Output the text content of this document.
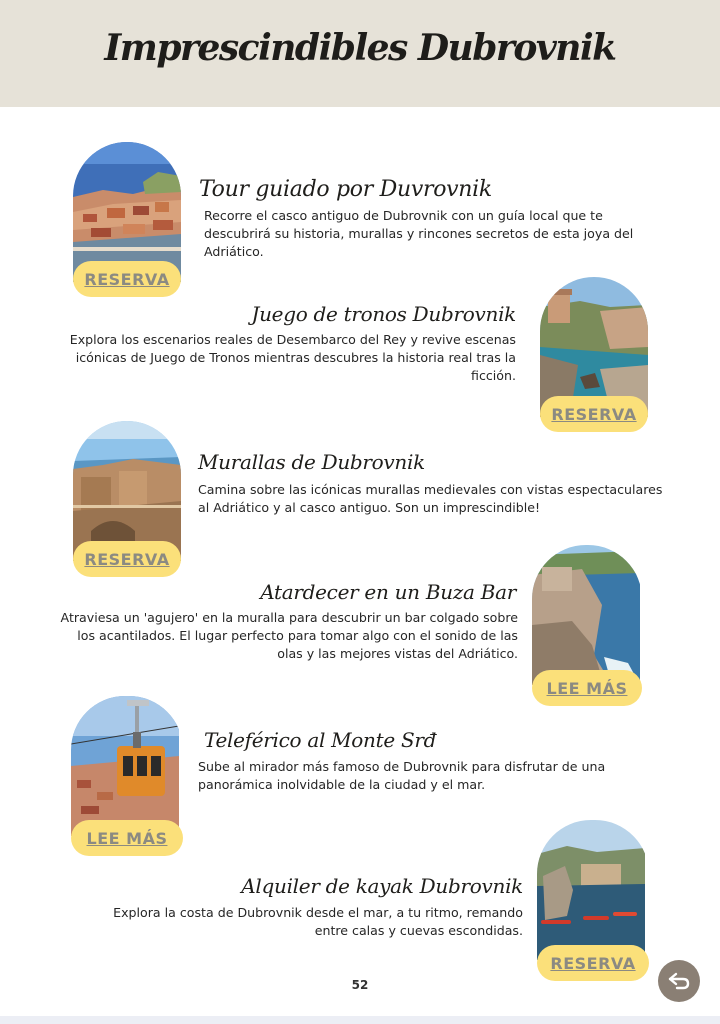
Imprescindibles Dubrovnik
RESERVA
Tour guiado por Duvrovnik

Recorre el casco antiguo de Dubrovnik con un guía local que te descubrirá su historia, murallas y rincones secretos de esta joya del Adriático.

RESERVA
Juego de tronos Dubrovnik

Explora los escenarios reales de Desembarco del Rey y revive escenas icónicas de Juego de Tronos mientras descubres la historia real tras la ficción.

RESERVA
Murallas de Dubrovnik

Camina sobre las icónicas murallas medievales con vistas espectaculares al Adriático y al casco antiguo. Son un imprescindible!

LEE MÁS
Atardecer en un Buza Bar

Atraviesa un 'agujero' en la muralla para descubrir un bar colgado sobre los acantilados. El lugar perfecto para tomar algo con el sonido de las olas y las mejores vistas del Adriático.

LEE MÁS
Teleférico al Monte Srđ

Sube al mirador más famoso de Dubrovnik para disfrutar de una panorámica inolvidable de la ciudad y el mar.

RESERVA
Alquiler de kayak Dubrovnik

Explora la costa de Dubrovnik desde el mar, a tu ritmo, remando entre calas y cuevas escondidas.

52
